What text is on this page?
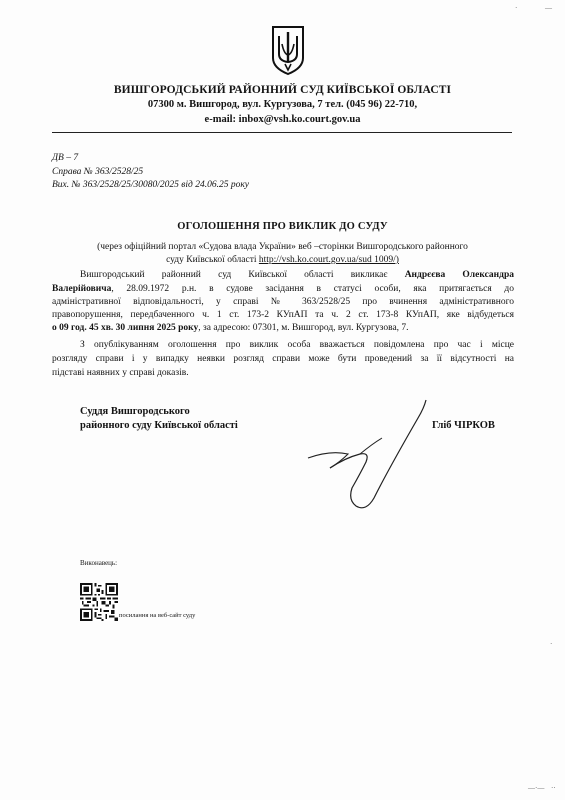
ВИШГОРОДСЬКИЙ РАЙОННИЙ СУД КИЇВСЬКОЇ ОБЛАСТІ
07300 м. Вишгород, вул. Кургузова, 7 тел. (045 96) 22-710,
e-mail: inbox@vsh.ko.court.gov.ua
ДВ – 7
Справа № 363/2528/25
Вих. № 363/2528/25/30080/2025 від 24.06.25 року
ОГОЛОШЕННЯ ПРО ВИКЛИК ДО СУДУ
(через офіційний портал «Судова влада України» веб –сторінки Вишгородського районного
суду Київської області http://vsh.ko.court.gov.ua/sud 1009/)
Вишгородський районний суд Київської області викликає Андрєєва Олександра
Валерійовича, 28.09.1972 р.н. в судове засідання в статусі особи, яка притягається до
адміністративної відповідальності, у справі № 363/2528/25 про вчинення адміністративного
правопорушення, передбаченного ч. 1 ст. 173-2 КУпАП та ч. 2 ст. 173-8 КУпАП, яке відбудеться
о 09 год. 45 хв. 30 липня 2025 року, за адресою: 07301, м. Вишгород, вул. Кургузова, 7.
З опублікуванням оголошення про виклик особа вважається повідомлена про час і місце
розгляду справи і у випадку неявки розгляд справи може бути проведений за її відсутності на
підставі наявних у справі доказів.
Суддя Вишгородського
районного суду Київської області	Гліб ЧІРКОВ
Виконавець:
посилання на веб-сайт суду
·	—
—·— ··
·
